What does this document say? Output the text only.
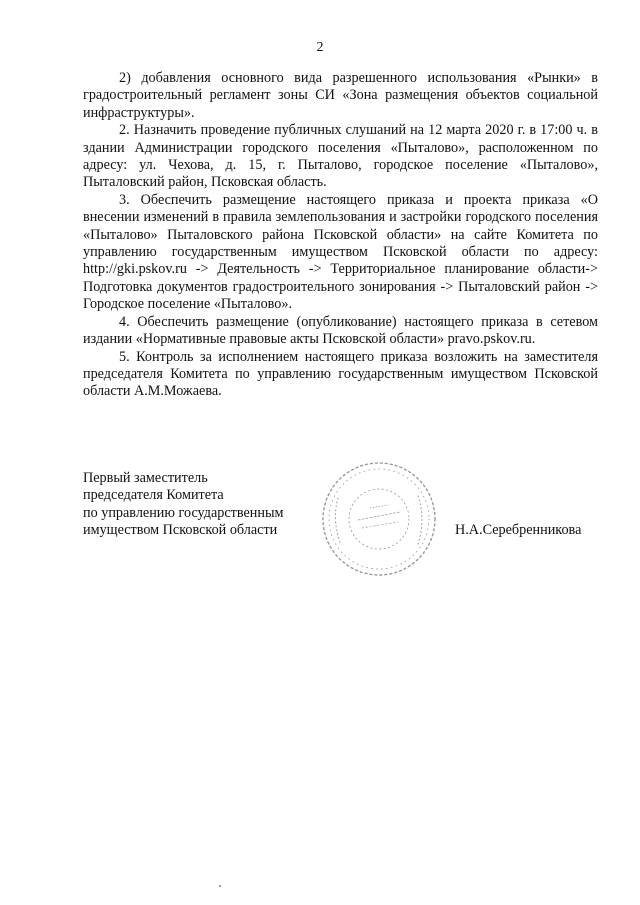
2

2) добавления основного вида разрешенного использования «Рынки» в градостроительный регламент зоны СИ «Зона размещения объектов социальной инфраструктуры».

2. Назначить проведение публичных слушаний на 12 марта 2020 г. в 17:00 ч. в здании Администрации городского поселения «Пыталово», расположенном по адресу: ул. Чехова, д. 15, г. Пыталово, городское поселение «Пыталово», Пыталовский район, Псковская область.

3. Обеспечить размещение настоящего приказа и проекта приказа «О внесении изменений в правила землепользования и застройки городского поселения «Пыталово» Пыталовского района Псковской области» на сайте Комитета по управлению государственным имуществом Псковской области по адресу: http://gki.pskov.ru -> Деятельность -> Территориальное планирование области-> Подготовка документов градостроительного зонирования -> Пыталовский район -> Городское поселение «Пыталово».

4. Обеспечить размещение (опубликование) настоящего приказа в сетевом издании «Нормативные правовые акты Псковской области» pravo.pskov.ru.

5. Контроль за исполнением настоящего приказа возложить на заместителя председателя Комитета по управлению государственным имуществом Псковской области А.М.Можаева.

Первый заместитель
председателя Комитета
по управлению государственным
имуществом Псковской области	Н.А.Серебренникова
